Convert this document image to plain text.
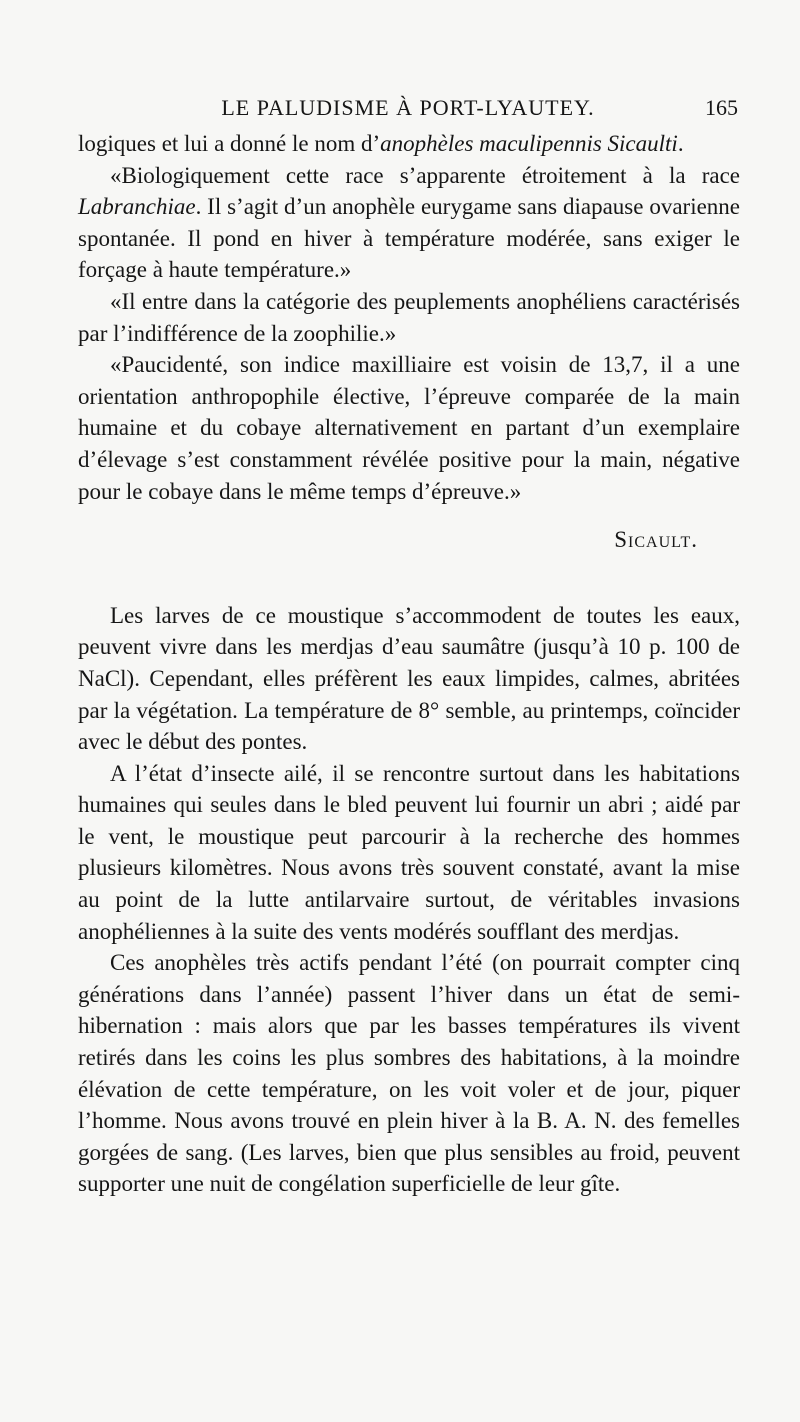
LE PALUDISME À PORT-LYAUTEY.	165

logiques et lui a donné le nom d’anophèles maculipennis Sicaulti.

«Biologiquement cette race s’apparente étroitement à la race Labranchiae. Il s’agit d’un anophèle eurygame sans diapause ovarienne spontanée. Il pond en hiver à température modérée, sans exiger le forçage à haute température.»

«Il entre dans la catégorie des peuplements anophéliens caractérisés par l’indifférence de la zoophilie.»

«Paucidenté, son indice maxilliaire est voisin de 13,7, il a une orientation anthropophile élective, l’épreuve comparée de la main humaine et du cobaye alternativement en partant d’un exemplaire d’élevage s’est constamment révélée positive pour la main, négative pour le cobaye dans le même temps d’épreuve.»

Sicault.

Les larves de ce moustique s’accommodent de toutes les eaux, peuvent vivre dans les merdjas d’eau saumâtre (jusqu’à 10 p. 100 de NaCl). Cependant, elles préfèrent les eaux limpides, calmes, abritées par la végétation. La température de 8° semble, au printemps, coïncider avec le début des pontes.

A l’état d’insecte ailé, il se rencontre surtout dans les habitations humaines qui seules dans le bled peuvent lui fournir un abri ; aidé par le vent, le moustique peut parcourir à la recherche des hommes plusieurs kilomètres. Nous avons très souvent constaté, avant la mise au point de la lutte antilarvaire surtout, de véritables invasions anophéliennes à la suite des vents modérés soufflant des merdjas.

Ces anophèles très actifs pendant l’été (on pourrait compter cinq générations dans l’année) passent l’hiver dans un état de semi-hibernation : mais alors que par les basses températures ils vivent retirés dans les coins les plus sombres des habitations, à la moindre élévation de cette température, on les voit voler et de jour, piquer l’homme. Nous avons trouvé en plein hiver à la B. A. N. des femelles gorgées de sang. (Les larves, bien que plus sensibles au froid, peuvent supporter une nuit de congélation superficielle de leur gîte.
